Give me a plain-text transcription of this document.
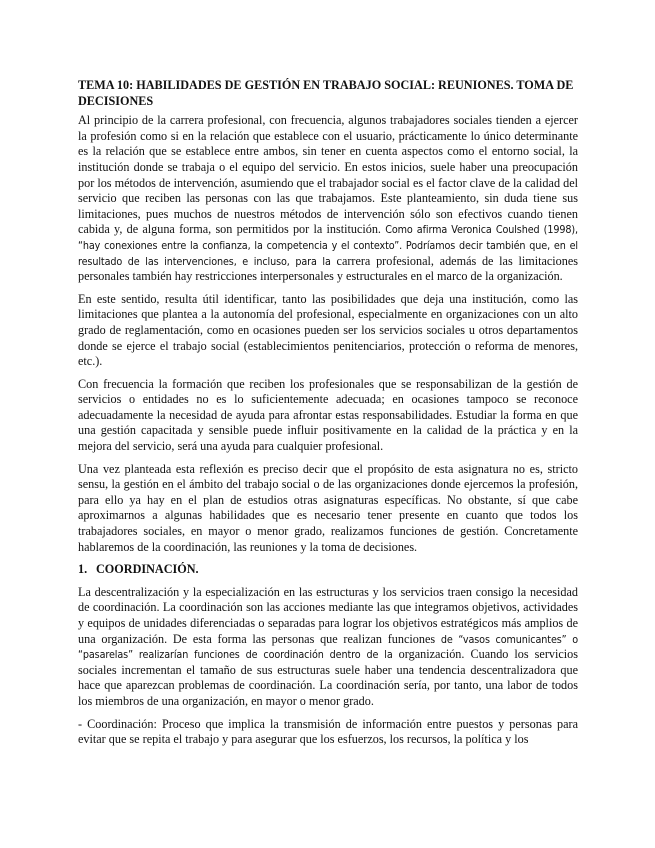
TEMA 10: HABILIDADES DE GESTIÓN EN TRABAJO SOCIAL: REUNIONES. TOMA DE DECISIONES

Al principio de la carrera profesional, con frecuencia, algunos trabajadores sociales tienden a ejercer la profesión como si en la relación que establece con el usuario, prácticamente lo único determinante es la relación que se establece entre ambos, sin tener en cuenta aspectos como el entorno social, la institución donde se trabaja o el equipo del servicio. En estos inicios, suele haber una preocupación por los métodos de intervención, asumiendo que el trabajador social es el factor clave de la calidad del servicio que reciben las personas con las que trabajamos. Este planteamiento, sin duda tiene sus limitaciones, pues muchos de nuestros métodos de intervención sólo son efectivos cuando tienen cabida y, de alguna forma, son permitidos por la institución. Como afirma Veronica Coulshed (1998), “hay conexiones entre la confianza, la competencia y el contexto”. Podríamos decir también que, en el resultado de las intervenciones, e incluso, para la carrera profesional, además de las limitaciones personales también hay restricciones interpersonales y estructurales en el marco de la organización.

En este sentido, resulta útil identificar, tanto las posibilidades que deja una institución, como las limitaciones que plantea a la autonomía del profesional, especialmente en organizaciones con un alto grado de reglamentación, como en ocasiones pueden ser los servicios sociales u otros departamentos donde se ejerce el trabajo social (establecimientos penitenciarios, protección o reforma de menores, etc.).

Con frecuencia la formación que reciben los profesionales que se responsabilizan de la gestión de servicios o entidades no es lo suficientemente adecuada; en ocasiones tampoco se reconoce adecuadamente la necesidad de ayuda para afrontar estas responsabilidades. Estudiar la forma en que una gestión capacitada y sensible puede influir positivamente en la calidad de la práctica y en la mejora del servicio, será una ayuda para cualquier profesional.

Una vez planteada esta reflexión es preciso decir que el propósito de esta asignatura no es, stricto sensu, la gestión en el ámbito del trabajo social o de las organizaciones donde ejercemos la profesión, para ello ya hay en el plan de estudios otras asignaturas específicas. No obstante, sí que cabe aproximarnos a algunas habilidades que es necesario tener presente en cuanto que todos los trabajadores sociales, en mayor o menor grado, realizamos funciones de gestión. Concretamente hablaremos de la coordinación, las reuniones y la toma de decisiones.

1. COORDINACIÓN.

La descentralización y la especialización en las estructuras y los servicios traen consigo la necesidad de coordinación. La coordinación son las acciones mediante las que integramos objetivos, actividades y equipos de unidades diferenciadas o separadas para lograr los objetivos estratégicos más amplios de una organización. De esta forma las personas que realizan funciones de “vasos comunicantes” o “pasarelas” realizarían funciones de coordinación dentro de la organización. Cuando los servicios sociales incrementan el tamaño de sus estructuras suele haber una tendencia descentralizadora que hace que aparezcan problemas de coordinación. La coordinación sería, por tanto, una labor de todos los miembros de una organización, en mayor o menor grado.

- Coordinación: Proceso que implica la transmisión de información entre puestos y personas para evitar que se repita el trabajo y para asegurar que los esfuerzos, los recursos, la política y los
